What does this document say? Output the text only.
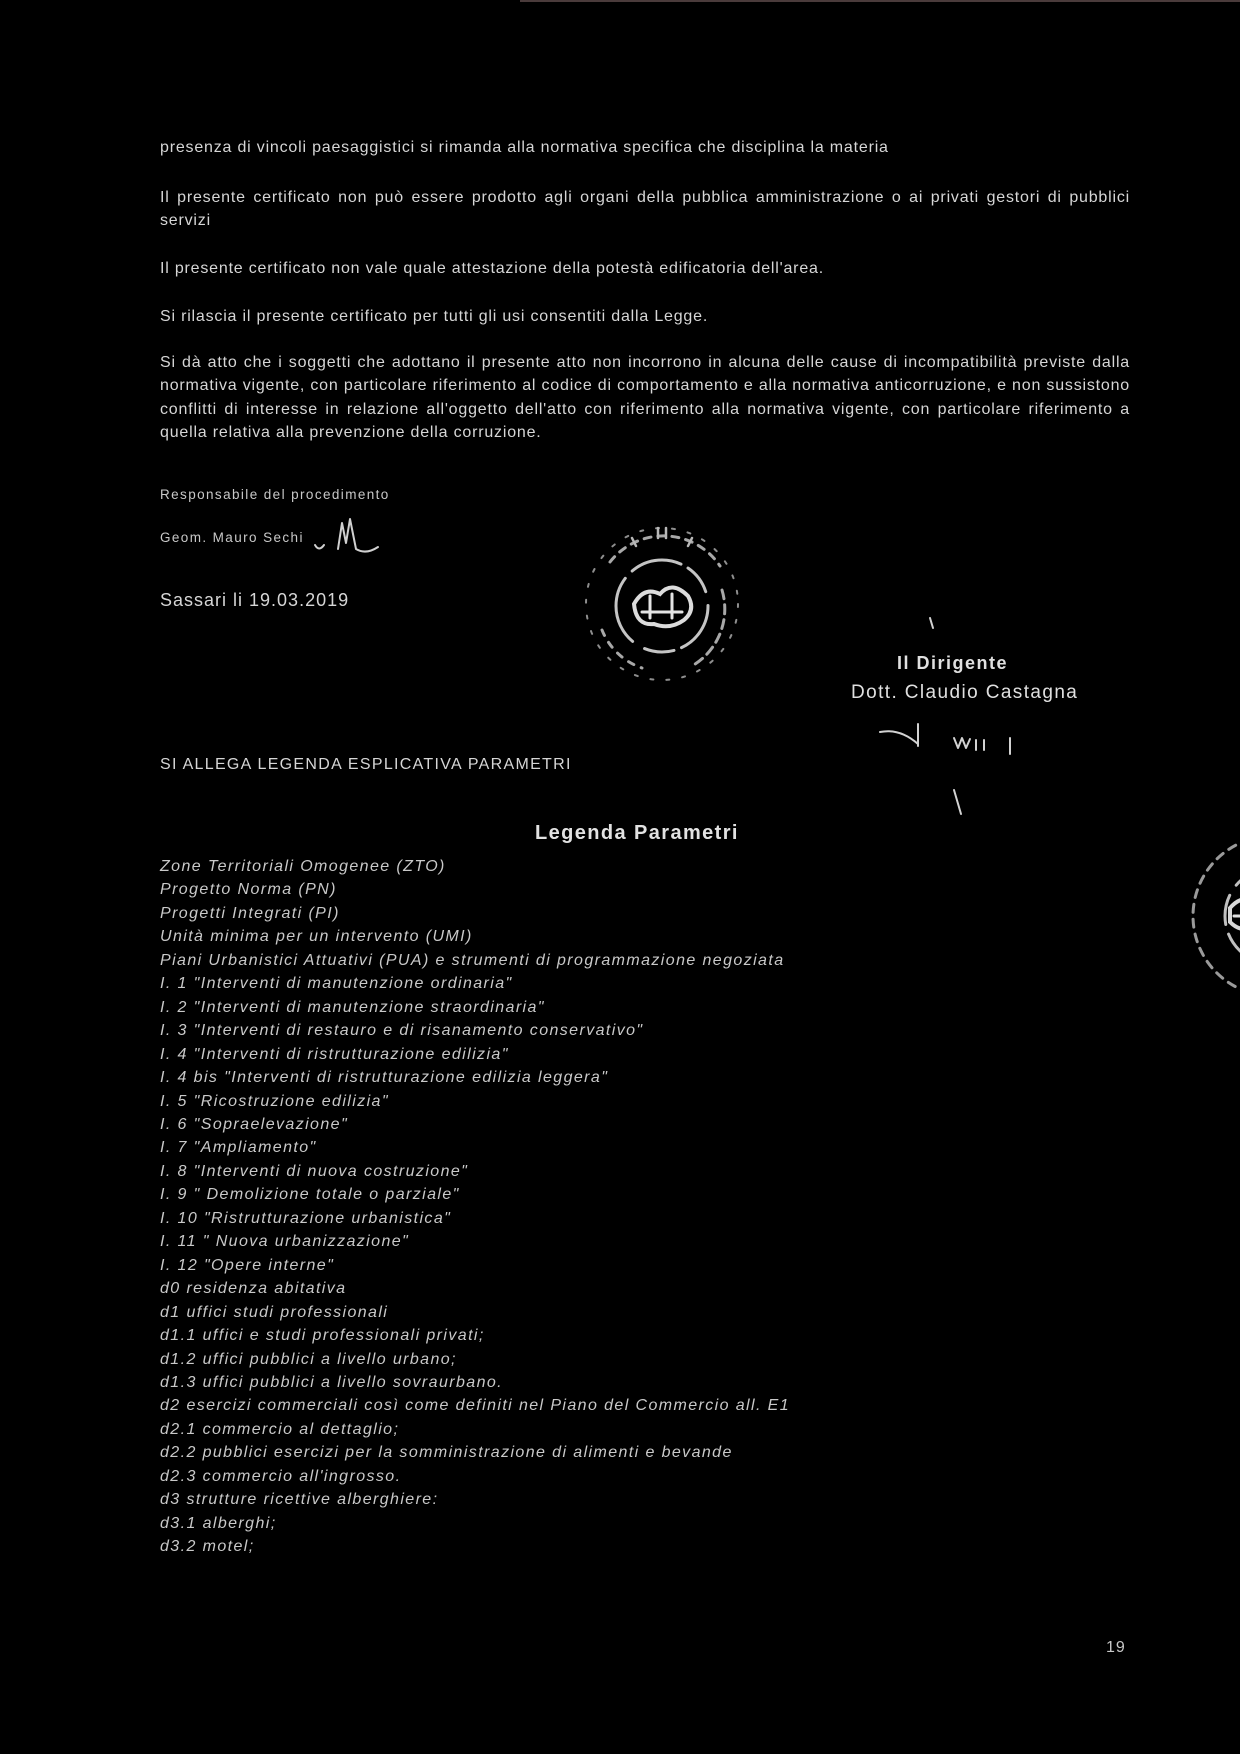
presenza di vincoli paesaggistici si rimanda alla normativa specifica che disciplina la materia

Il presente certificato non può essere prodotto agli organi della pubblica amministrazione o ai privati gestori di pubblici servizi

Il presente certificato non vale quale attestazione della potestà edificatoria dell'area.

Si rilascia il presente certificato per tutti gli usi consentiti dalla Legge.

Si dà atto che i soggetti che adottano il presente atto non incorrono in alcuna delle cause di incompatibilità previste dalla normativa vigente, con particolare riferimento al codice di comportamento e alla normativa anticorruzione, e non sussistono conflitti di interesse in relazione all'oggetto dell'atto con riferimento alla normativa vigente, con particolare riferimento a quella relativa alla prevenzione della corruzione.

Responsabile del procedimento

Geom. Mauro Sechi

Sassari li 19.03.2019

Il Dirigente

Dott. Claudio Castagna

SI ALLEGA LEGENDA ESPLICATIVA PARAMETRI

Legenda Parametri

Zone Territoriali Omogenee (ZTO)
Progetto Norma (PN)
Progetti Integrati (PI)
Unità minima per un intervento (UMI)
Piani Urbanistici Attuativi (PUA) e strumenti di programmazione negoziata
I. 1 "Interventi di manutenzione ordinaria"
I. 2 "Interventi di manutenzione straordinaria"
I. 3 "Interventi di restauro e di risanamento conservativo"
I. 4 "Interventi di ristrutturazione edilizia"
I. 4 bis "Interventi di ristrutturazione edilizia leggera"
I. 5 "Ricostruzione edilizia"
I. 6 "Sopraelevazione"
I. 7 "Ampliamento"
I. 8 "Interventi di nuova costruzione"
I. 9 " Demolizione totale o parziale"
I. 10 "Ristrutturazione urbanistica"
I. 11 " Nuova urbanizzazione"
I. 12 "Opere interne"
d0 residenza abitativa
d1 uffici studi professionali
d1.1 uffici e studi professionali privati;
d1.2 uffici pubblici a livello urbano;
d1.3 uffici pubblici a livello sovraurbano.
d2 esercizi commerciali così come definiti nel Piano del Commercio all. E1
d2.1 commercio al dettaglio;
d2.2 pubblici esercizi per la somministrazione di alimenti e bevande
d2.3 commercio all'ingrosso.
d3 strutture ricettive alberghiere:
d3.1 alberghi;
d3.2 motel;

19
